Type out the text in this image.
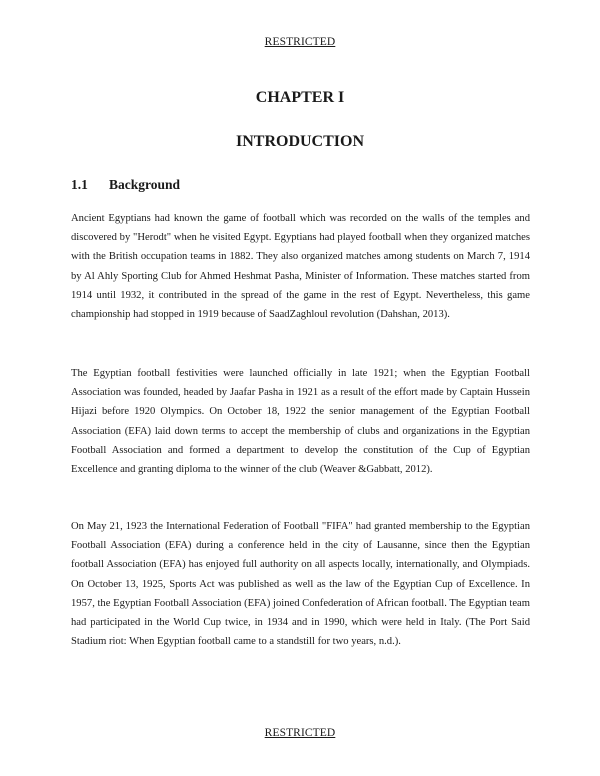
RESTRICTED
CHAPTER I
INTRODUCTION
1.1 Background

Ancient Egyptians had known the game of football which was recorded on the walls of the temples and discovered by "Herodt" when he visited Egypt. Egyptians had played football when they organized matches with the British occupation teams in 1882. They also organized matches among students on March 7, 1914 by Al Ahly Sporting Club for Ahmed Heshmat Pasha, Minister of Information. These matches started from 1914 until 1932, it contributed in the spread of the game in the rest of Egypt. Nevertheless, this game championship had stopped in 1919 because of SaadZaghloul revolution (Dahshan, 2013).

The Egyptian football festivities were launched officially in late 1921; when the Egyptian Football Association was founded, headed by Jaafar Pasha in 1921 as a result of the effort made by Captain Hussein Hijazi before 1920 Olympics. On October 18, 1922 the senior management of the Egyptian Football Association (EFA) laid down terms to accept the membership of clubs and organizations in the Egyptian Football Association and formed a department to develop the constitution of the Cup of Egyptian Excellence and granting diploma to the winner of the club (Weaver &Gabbatt, 2012).

On May 21, 1923 the International Federation of Football "FIFA" had granted membership to the Egyptian Football Association (EFA) during a conference held in the city of Lausanne, since then the Egyptian football Association (EFA) has enjoyed full authority on all aspects locally, internationally, and Olympiads. On October 13, 1925, Sports Act was published as well as the law of the Egyptian Cup of Excellence. In 1957, the Egyptian Football Association (EFA) joined Confederation of African football. The Egyptian team had participated in the World Cup twice, in 1934 and in 1990, which were held in Italy. (The Port Said Stadium riot: When Egyptian football came to a standstill for two years, n.d.).

RESTRICTED
